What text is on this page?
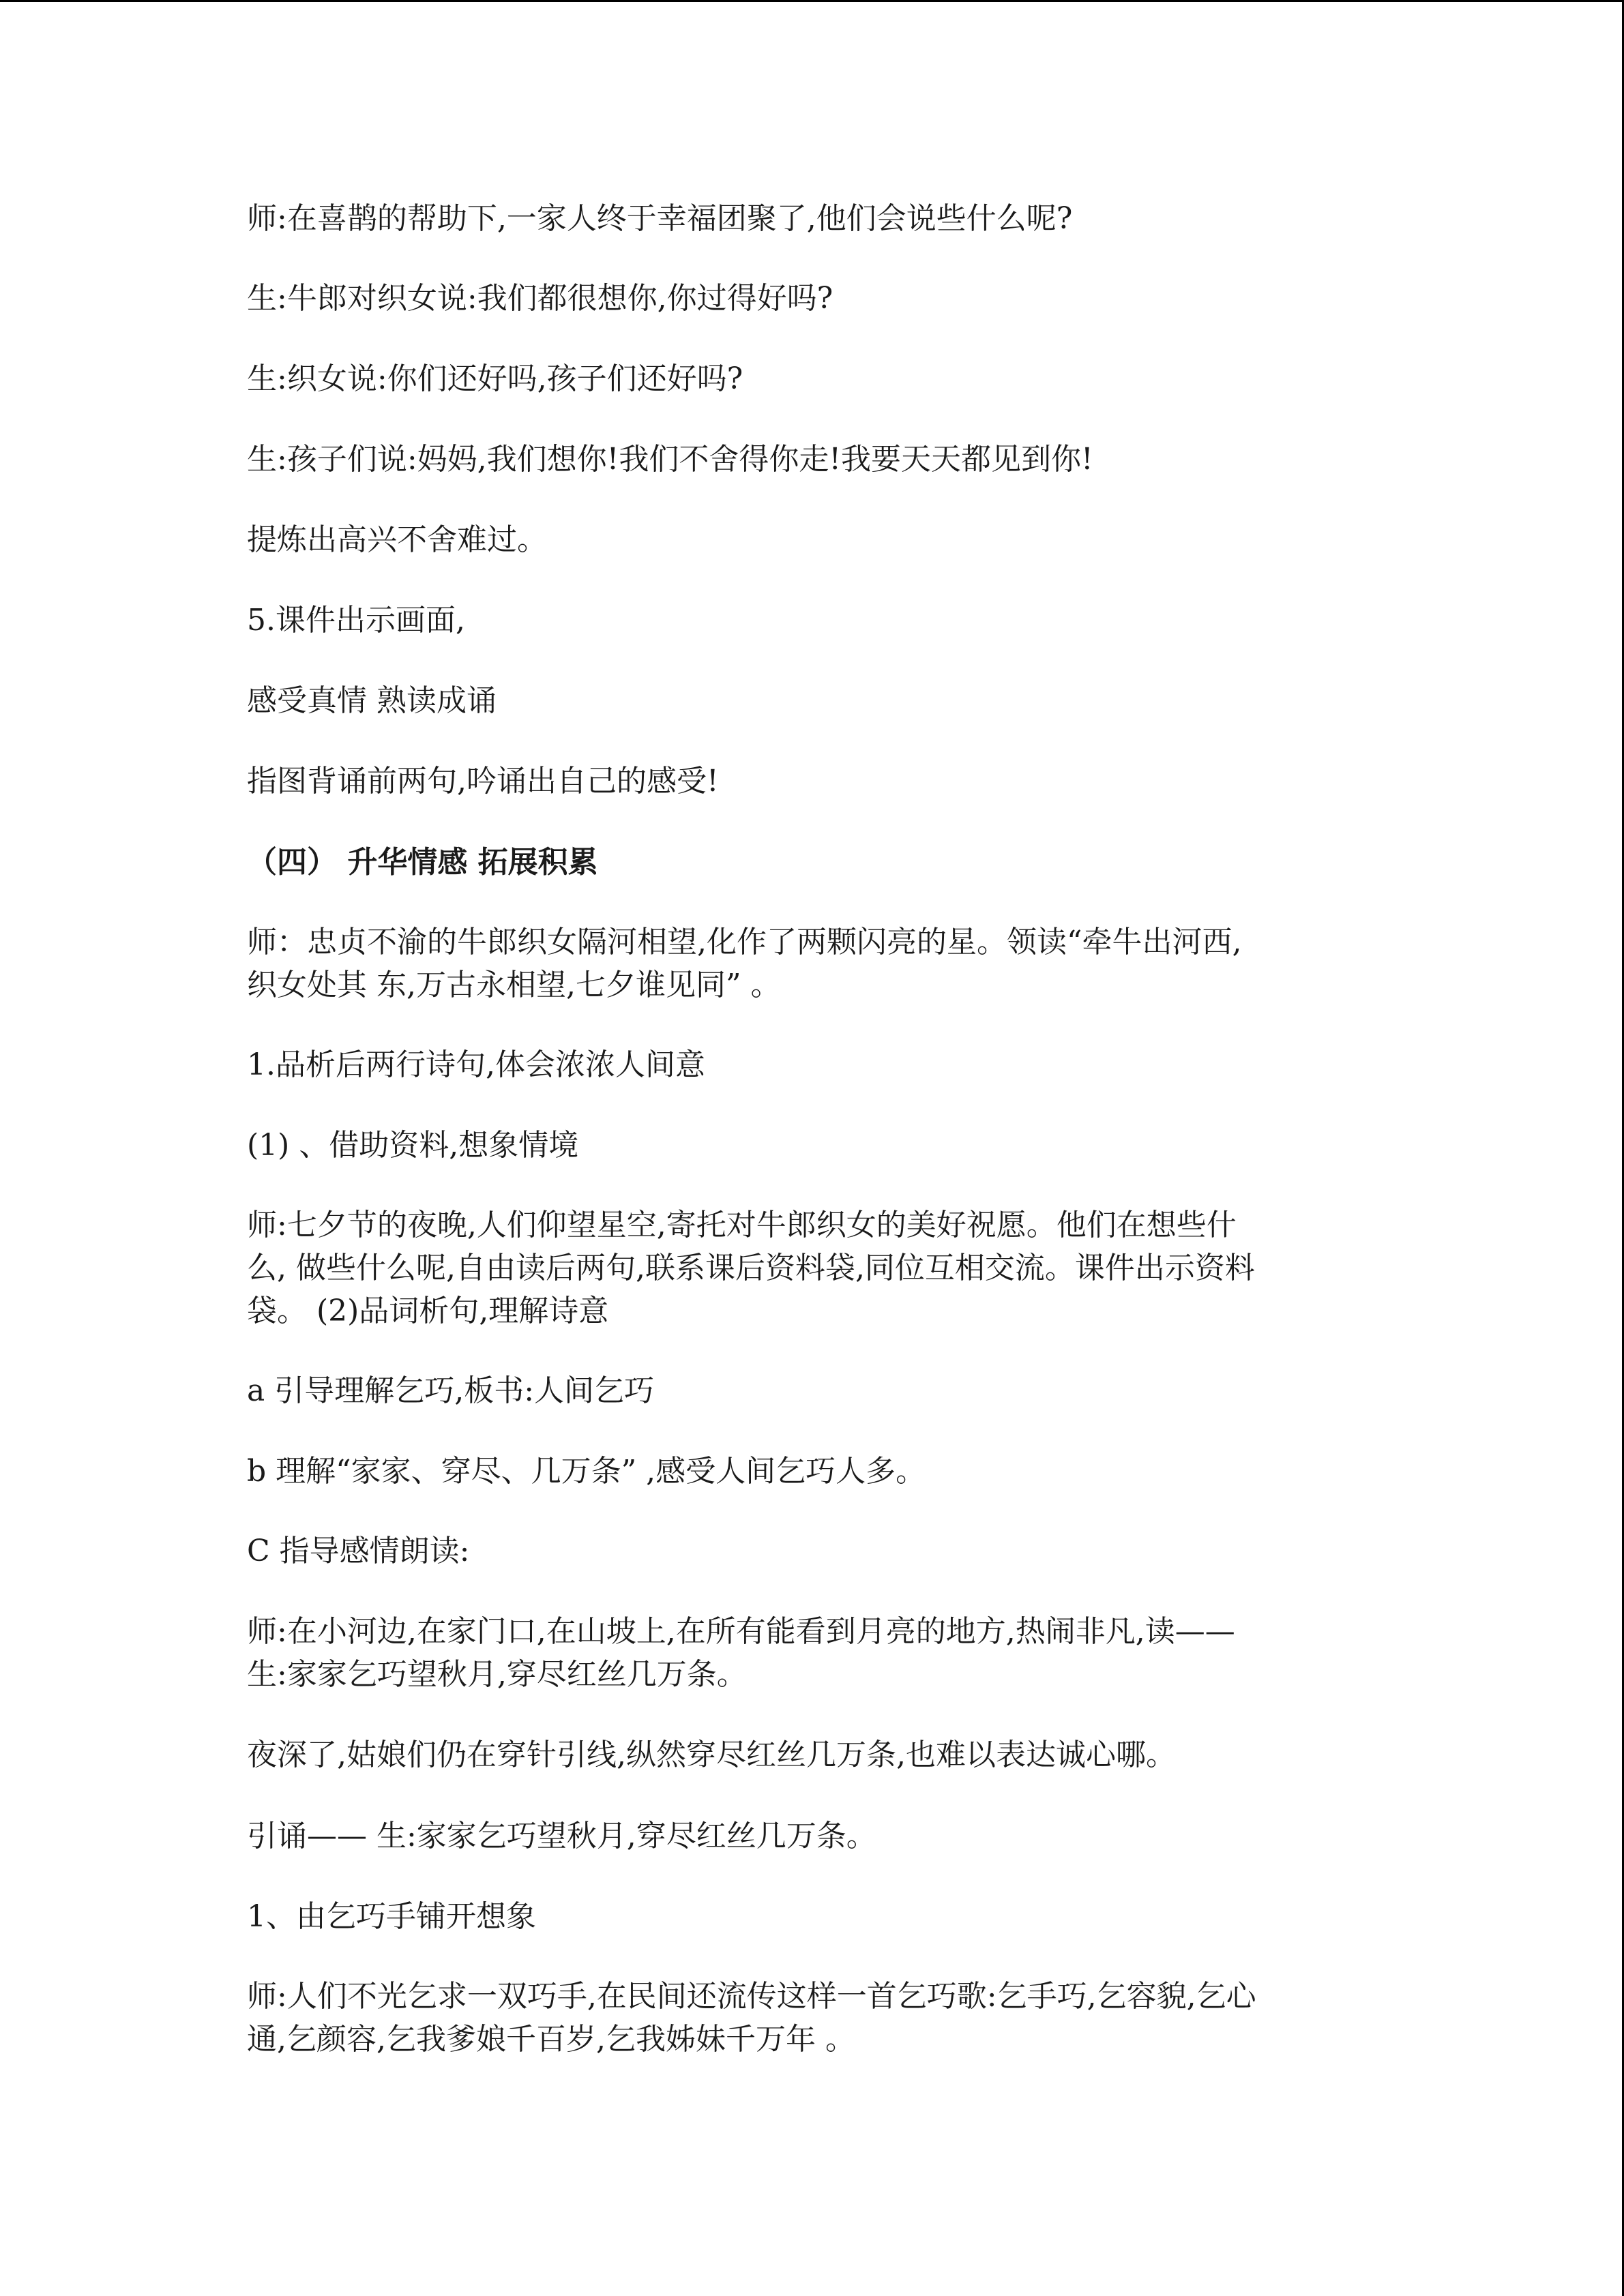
师:在喜鹊的帮助下,一家人终于幸福团聚了,他们会说些什么呢?

生:牛郎对织女说:我们都很想你,你过得好吗?

生:织女说:你们还好吗,孩子们还好吗?

生:孩子们说:妈妈,我们想你!我们不舍得你走!我要天天都见到你!

提炼出高兴不舍难过。

5.课件出示画面,

感受真情 熟读成诵

指图背诵前两句,吟诵出自己的感受!

（四） 升华情感 拓展积累

师：忠贞不渝的牛郎织女隔河相望,化作了两颗闪亮的星。领读“牵牛出河西,
织女处其 东,万古永相望,七夕谁见同” 。

1.品析后两行诗句,体会浓浓人间意

(1) 、借助资料,想象情境

师:七夕节的夜晚,人们仰望星空,寄托对牛郎织女的美好祝愿。他们在想些什
么, 做些什么呢,自由读后两句,联系课后资料袋,同位互相交流。课件出示资料
袋。 (2)品词析句,理解诗意

a 引导理解乞巧,板书:人间乞巧

b 理解“家家、穿尽、几万条” ,感受人间乞巧人多。

C 指导感情朗读:

师:在小河边,在家门口,在山坡上,在所有能看到月亮的地方,热闹非凡,读——
生:家家乞巧望秋月,穿尽红丝几万条。

夜深了,姑娘们仍在穿针引线,纵然穿尽红丝几万条,也难以表达诚心哪。

引诵—— 生:家家乞巧望秋月,穿尽红丝几万条。

1、由乞巧手铺开想象

师:人们不光乞求一双巧手,在民间还流传这样一首乞巧歌:乞手巧,乞容貌,乞心
通,乞颜容,乞我爹娘千百岁,乞我姊妹千万年 。
